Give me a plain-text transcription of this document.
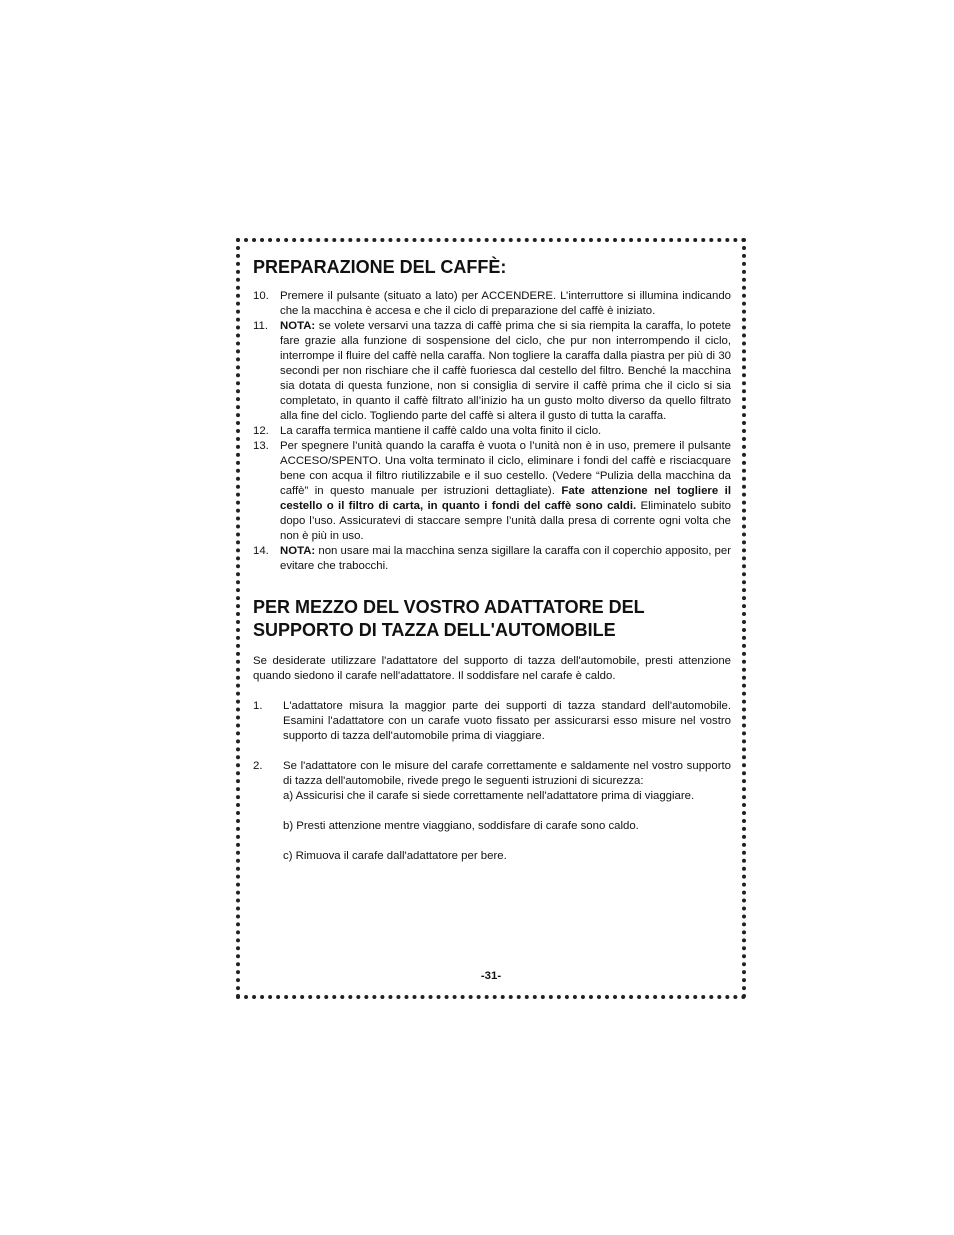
PREPARAZIONE DEL CAFFÈ:
10. Premere il pulsante (situato a lato) per ACCENDERE. L’interruttore si illumina indicando che la macchina è accesa e che il ciclo di preparazione del caffè è iniziato.
11.	NOTA: se volete versarvi una tazza di caffè prima che si sia riempita la caraffa, lo potete fare grazie alla funzione di sospensione del ciclo, che pur non interrompendo il ciclo, interrompe il fluire del caffè nella caraffa. Non togliere la caraffa dalla piastra per più di 30 secondi per non rischiare che il caffè fuoriesca dal cestello del filtro. Benché la macchina sia dotata di questa funzione, non si consiglia di servire il caffè prima che il ciclo si sia completato, in quanto il caffè filtrato all’inizio ha un gusto molto diverso da quello filtrato alla fine del ciclo. Togliendo parte del caffè si altera il gusto di tutta la caraffa.
12. La caraffa termica mantiene il caffè caldo una volta finito il ciclo.
13. Per spegnere l’unità quando la caraffa è vuota o l’unità non è in uso, premere il pulsante ACCESO/SPENTO. Una volta terminato il ciclo, eliminare i fondi del caffè e risciacquare bene con acqua il filtro riutilizzabile e il suo cestello. (Vedere “Pulizia della macchina da caffè” in questo manuale per istruzioni dettagliate). Fate attenzione nel togliere il cestello o il filtro di carta, in quanto i fondi del caffè sono caldi. Eliminatelo subito dopo l’uso. Assicuratevi di staccare sempre l’unità dalla presa di corrente ogni volta che non è più in uso.
14. NOTA: non usare mai la macchina senza sigillare la caraffa con il coperchio apposito, per evitare che trabocchi.
PER MEZZO DEL VOSTRO ADATTATORE DEL
SUPPORTO DI TAZZA DELL'AUTOMOBILE

Se desiderate utilizzare l'adattatore del supporto di tazza dell'automobile, presti attenzione quando siedono il carafe nell'adattatore. Il soddisfare nel carafe è caldo.

1.	L'adattatore misura la maggior parte dei supporti di tazza standard dell'automobile. Esamini l'adattatore con un carafe vuoto fissato per assicurarsi esso misure nel vostro supporto di tazza dell'automobile prima di viaggiare.
2.	Se l'adattatore con le misure del carafe correttamente e saldamente nel vostro supporto di tazza dell'automobile, rivede prego le seguenti istruzioni di sicurezza:
a) Assicurisi che il carafe si siede correttamente nell'adattatore prima di viaggiare.
b) Presti attenzione mentre viaggiano, soddisfare di carafe sono caldo.
c) Rimuova il carafe dall'adattatore per bere.
-31-
